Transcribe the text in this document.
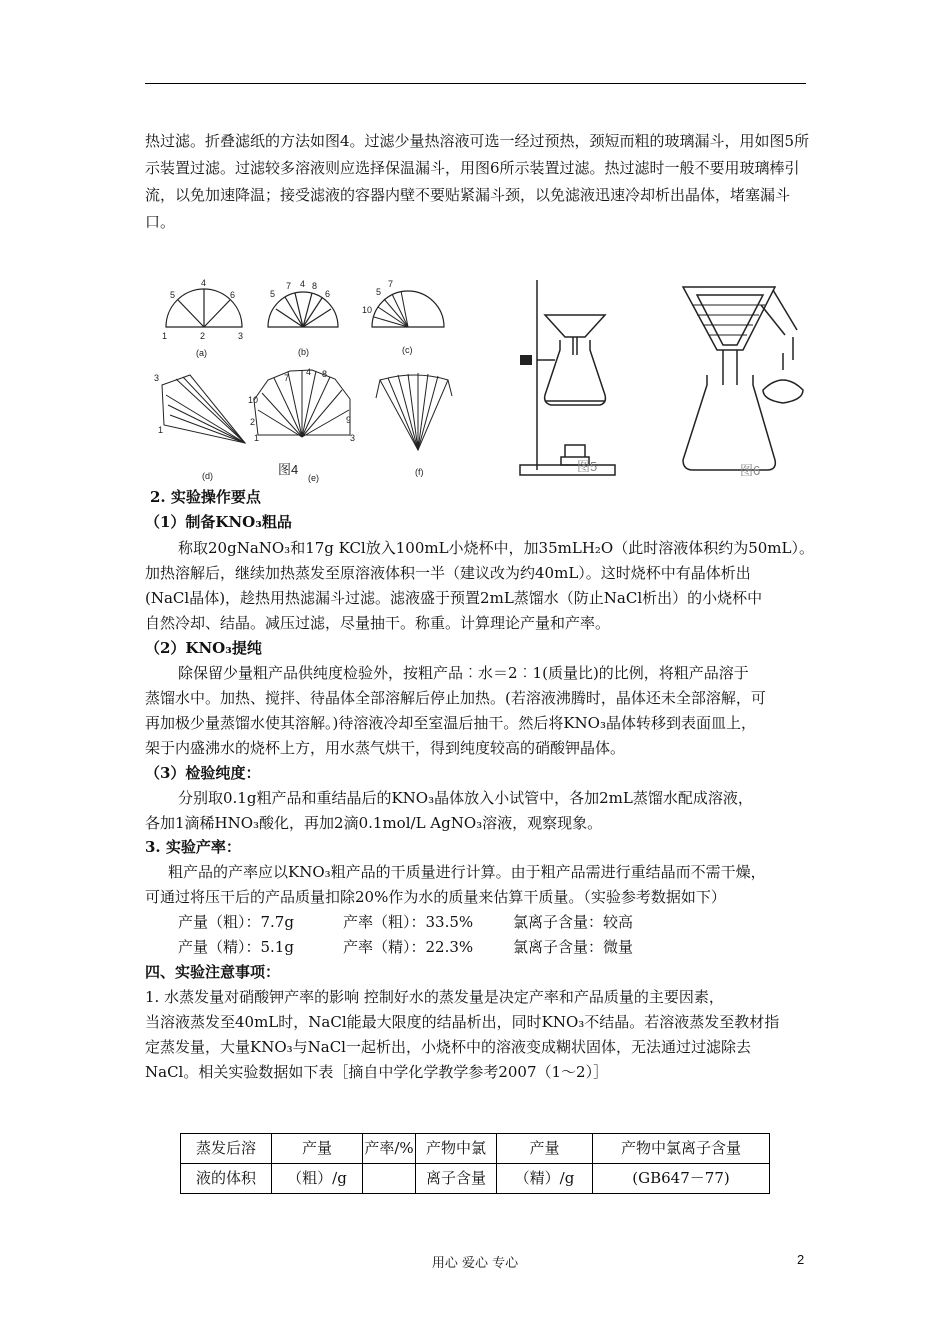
热过滤。折叠滤纸的方法如图4。过滤少量热溶液可选一经过预热，颈短而粗的玻璃漏斗，用如图5所示装置过滤。过滤较多溶液则应选择保温漏斗，用图6所示装置过滤。热过滤时一般不要用玻璃棒引流，以免加速降温；接受滤液的容器内壁不要贴紧漏斗颈，以免滤液迅速冷却析出晶体，堵塞漏斗口。
1	2	3
5
4
6
(a)
5
7 4 8
6
(b)
10
5
7
(c)
3
1
(d)
10
2
1
7
4 8
9
3
(e)
图4	(f)	图5	图6
2. 实验操作要点
（1）制备KNO₃粗品
称取20gNaNO₃和17g KCl放入100mL小烧杯中，加35mLH₂O（此时溶液体积约为50mL）。
加热溶解后，继续加热蒸发至原溶液体积一半（建议改为约40mL）。这时烧杯中有晶体析出
(NaCl晶体)，趁热用热滤漏斗过滤。滤液盛于预置2mL蒸馏水（防止NaCl析出）的小烧杯中
自然冷却、结晶。减压过滤，尽量抽干。称重。计算理论产量和产率。
（2）KNO₃提纯
除保留少量粗产品供纯度检验外，按粗产品︰水＝2︰1(质量比)的比例，将粗产品溶于
蒸馏水中。加热、搅拌、待晶体全部溶解后停止加热。(若溶液沸腾时，晶体还未全部溶解，可
再加极少量蒸馏水使其溶解。)待溶液冷却至室温后抽干。然后将KNO₃晶体转移到表面皿上，
架于内盛沸水的烧杯上方，用水蒸气烘干，得到纯度较高的硝酸钾晶体。
（3）检验纯度：
分别取0.1g粗产品和重结晶后的KNO₃晶体放入小试管中，各加2mL蒸馏水配成溶液，
各加1滴稀HNO₃酸化，再加2滴0.1mol/L AgNO₃溶液，观察现象。
3. 实验产率：
粗产品的产率应以KNO₃粗产品的干质量进行计算。由于粗产品需进行重结晶而不需干燥，
可通过将压干后的产品质量扣除20%作为水的质量来估算干质量。（实验参考数据如下）
产量（粗）：7.7g	产率（粗）：33.5%	氯离子含量：较高
产量（精）：5.1g	产率（精）：22.3%	氯离子含量：微量
四、实验注意事项：
1. 水蒸发量对硝酸钾产率的影响 控制好水的蒸发量是决定产率和产品质量的主要因素，
当溶液蒸发至40mL时，NaCl能最大限度的结晶析出，同时KNO₃不结晶。若溶液蒸发至教材指
定蒸发量，大量KNO₃与NaCl一起析出，小烧杯中的溶液变成糊状固体，无法通过过滤除去
NaCl。相关实验数据如下表［摘自中学化学教学参考2007（1～2）］
蒸发后溶	产量	产率/%	产物中氯	产量	产物中氯离子含量
液的体积	（粗）/g		离子含量	（精）/g	(GB647－77)
用心 爱心 专心	2
